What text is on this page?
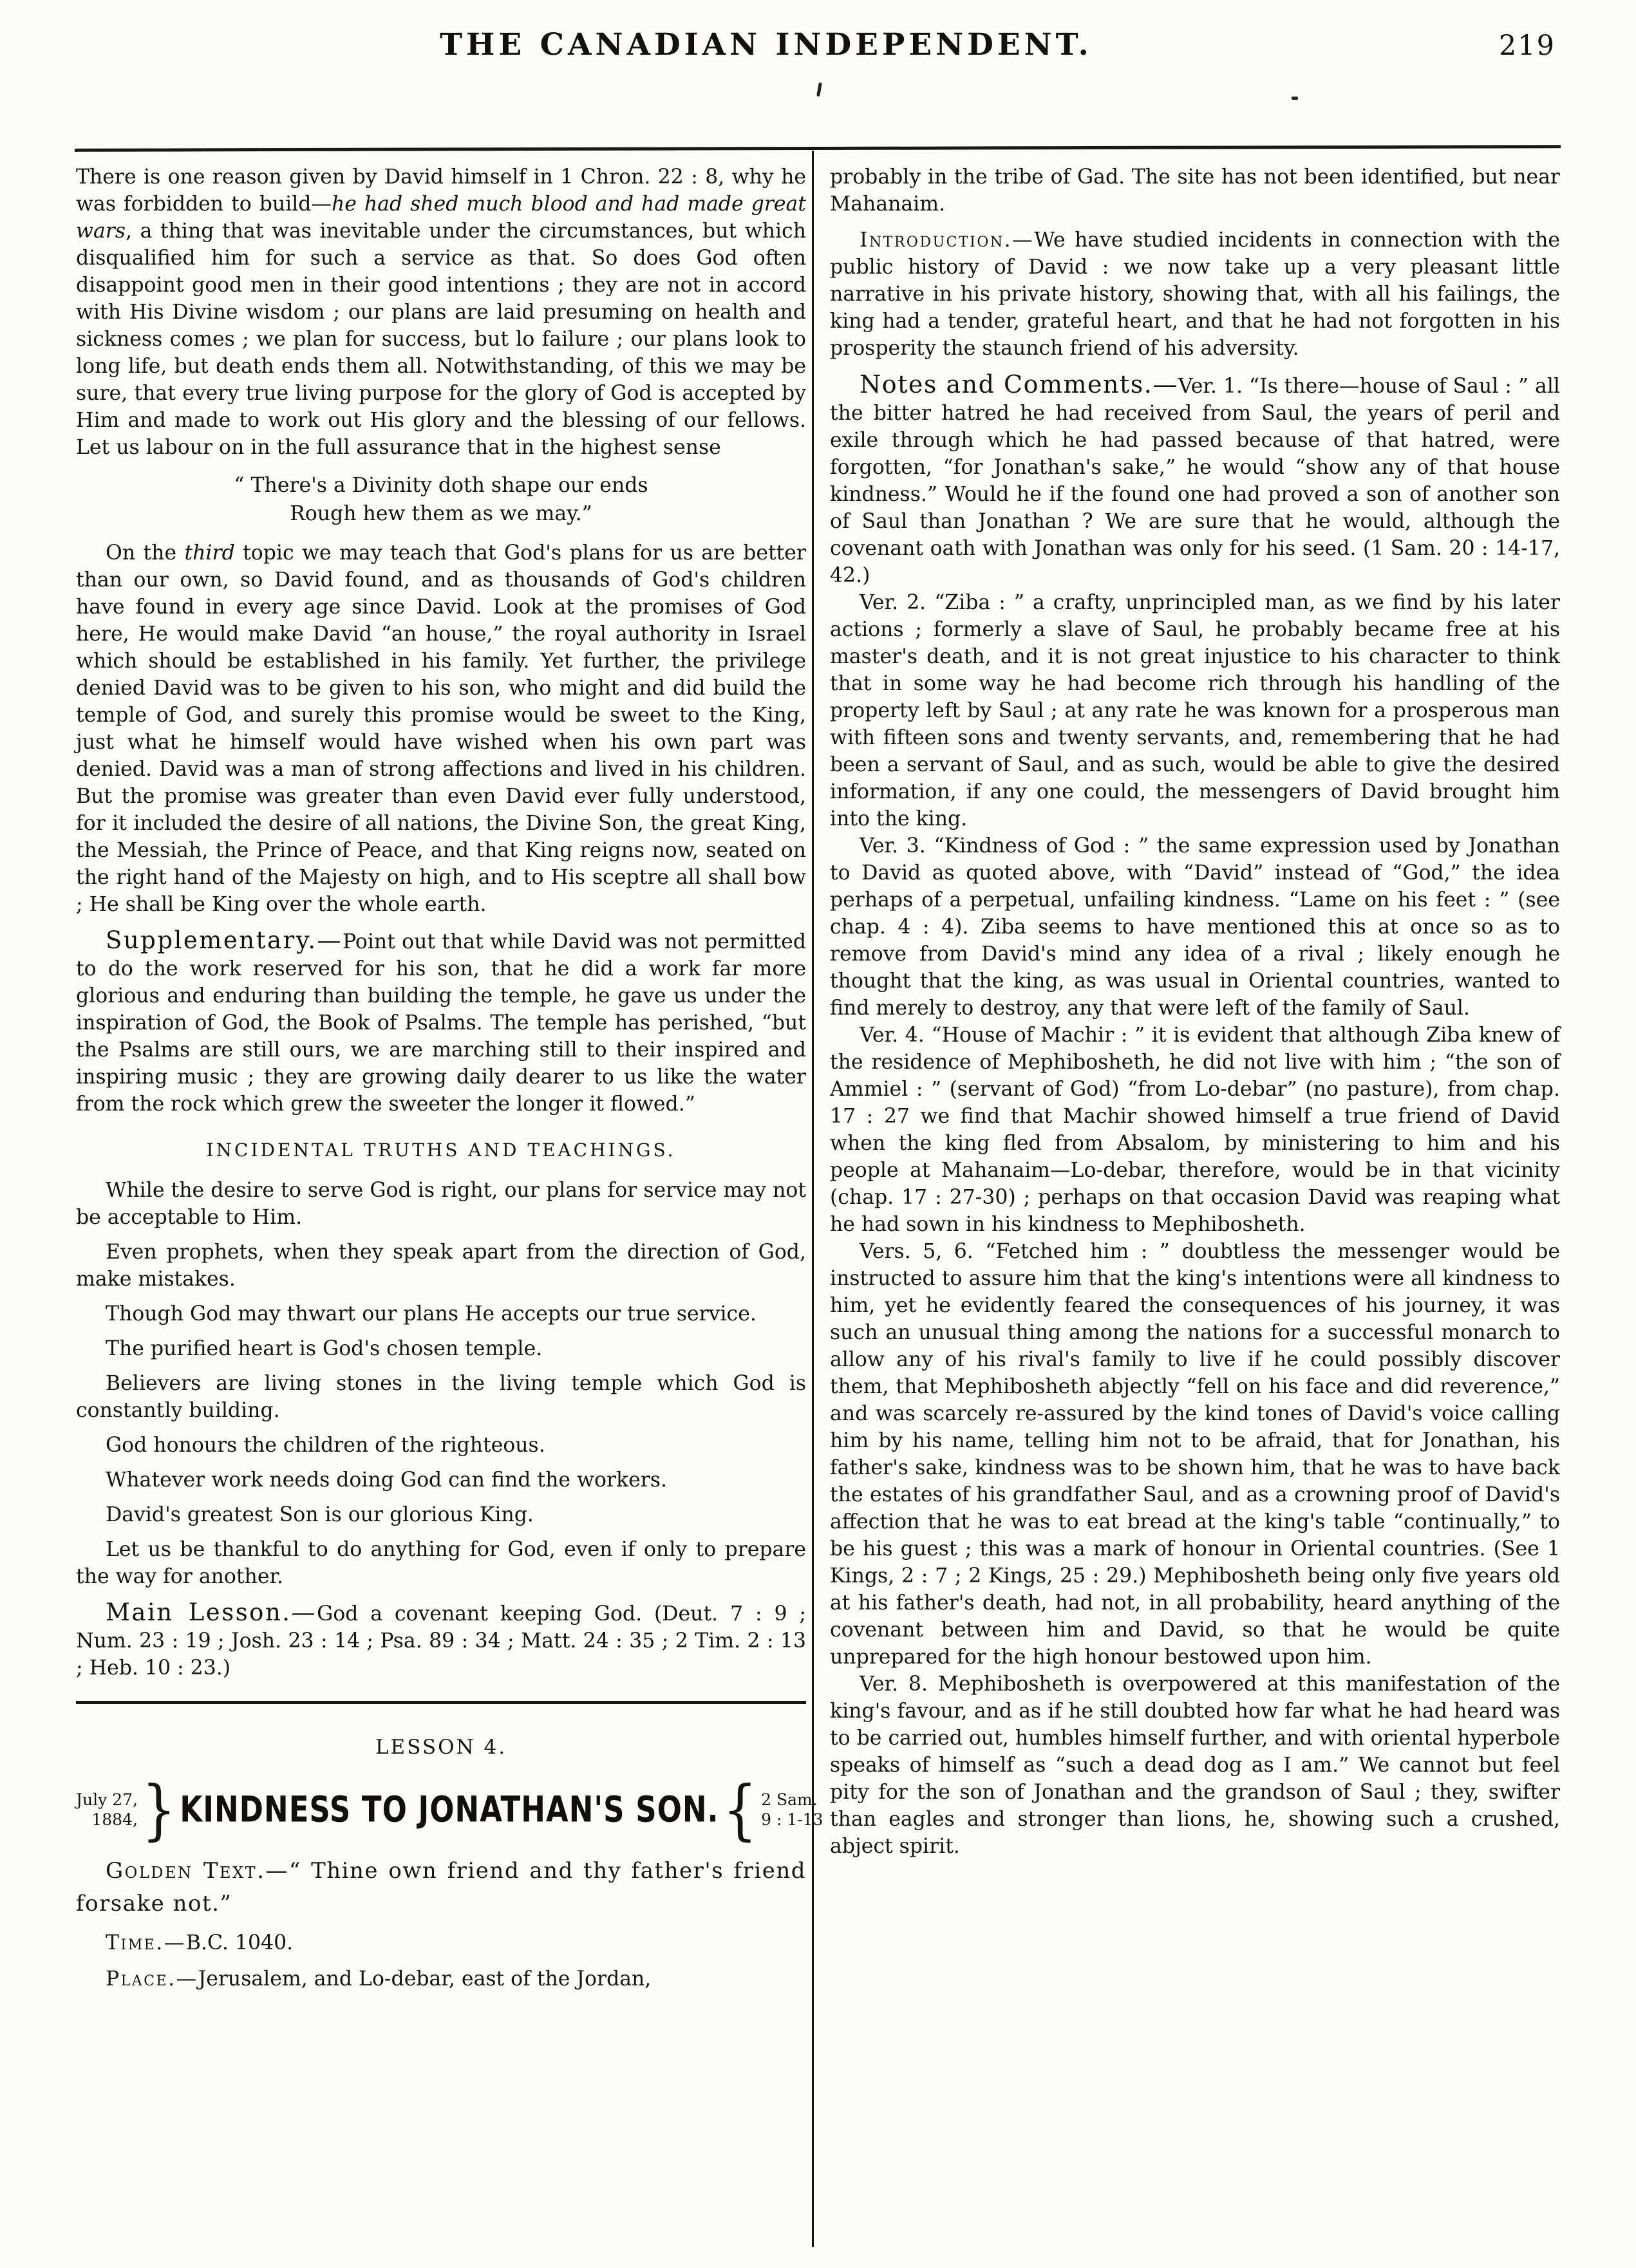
THE CANADIAN INDEPENDENT.	219

There is one reason given by David himself in 1 Chron. 22 : 8, why he was forbidden to build—he had shed much blood and had made great wars, a thing that was inevitable under the circumstances, but which disqualified him for such a service as that. So does God often disappoint good men in their good intentions ; they are not in accord with His Divine wisdom ; our plans are laid presuming on health and sickness comes ; we plan for success, but lo failure ; our plans look to long life, but death ends them all. Notwithstanding, of this we may be sure, that every true living purpose for the glory of God is accepted by Him and made to work out His glory and the blessing of our fellows. Let us labour on in the full assurance that in the highest sense

“ There's a Divinity doth shape our ends
Rough hew them as we may.”

On the third topic we may teach that God's plans for us are better than our own, so David found, and as thousands of God's children have found in every age since David. Look at the promises of God here, He would make David “an house,” the royal authority in Israel which should be established in his family. Yet further, the privilege denied David was to be given to his son, who might and did build the temple of God, and surely this promise would be sweet to the King, just what he himself would have wished when his own part was denied. David was a man of strong affections and lived in his children. But the promise was greater than even David ever fully understood, for it included the desire of all nations, the Divine Son, the great King, the Messiah, the Prince of Peace, and that King reigns now, seated on the right hand of the Majesty on high, and to His sceptre all shall bow ; He shall be King over the whole earth.

Supplementary.—Point out that while David was not permitted to do the work reserved for his son, that he did a work far more glorious and enduring than building the temple, he gave us under the inspiration of God, the Book of Psalms. The temple has perished, “but the Psalms are still ours, we are marching still to their inspired and inspiring music ; they are growing daily dearer to us like the water from the rock which grew the sweeter the longer it flowed.”

INCIDENTAL TRUTHS AND TEACHINGS.

While the desire to serve God is right, our plans for service may not be acceptable to Him.

Even prophets, when they speak apart from the direction of God, make mistakes.

Though God may thwart our plans He accepts our true service.

The purified heart is God's chosen temple.

Believers are living stones in the living temple which God is constantly building.

God honours the children of the righteous.

Whatever work needs doing God can find the workers.

David's greatest Son is our glorious King.

Let us be thankful to do anything for God, even if only to prepare the way for another.

Main Lesson.—God a covenant keeping God. (Deut. 7 : 9 ; Num. 23 : 19 ; Josh. 23 : 14 ; Psa. 89 : 34 ; Matt. 24 : 35 ; 2 Tim. 2 : 13 ; Heb. 10 : 23.)

LESSON 4.
July 27,
1884, } KINDNESS TO JONATHAN'S SON. { 2 Sam.
9 : 1-13

Golden Text.—“ Thine own friend and thy father's friend forsake not.”

Time.—B.C. 1040.

Place.—Jerusalem, and Lo-debar, east of the Jordan,

probably in the tribe of Gad. The site has not been identified, but near Mahanaim.

Introduction.—We have studied incidents in connection with the public history of David : we now take up a very pleasant little narrative in his private history, showing that, with all his failings, the king had a tender, grateful heart, and that he had not forgotten in his prosperity the staunch friend of his adversity.

Notes and Comments.—Ver. 1. “Is there—house of Saul : ” all the bitter hatred he had received from Saul, the years of peril and exile through which he had passed because of that hatred, were forgotten, “for Jonathan's sake,” he would “show any of that house kindness.” Would he if the found one had proved a son of another son of Saul than Jonathan ? We are sure that he would, although the covenant oath with Jonathan was only for his seed. (1 Sam. 20 : 14-17, 42.)

Ver. 2. “Ziba : ” a crafty, unprincipled man, as we find by his later actions ; formerly a slave of Saul, he probably became free at his master's death, and it is not great injustice to his character to think that in some way he had become rich through his handling of the property left by Saul ; at any rate he was known for a prosperous man with fifteen sons and twenty servants, and, remembering that he had been a servant of Saul, and as such, would be able to give the desired information, if any one could, the messengers of David brought him into the king.

Ver. 3. “Kindness of God : ” the same expression used by Jonathan to David as quoted above, with “David” instead of “God,” the idea perhaps of a perpetual, unfailing kindness. “Lame on his feet : ” (see chap. 4 : 4). Ziba seems to have mentioned this at once so as to remove from David's mind any idea of a rival ; likely enough he thought that the king, as was usual in Oriental countries, wanted to find merely to destroy, any that were left of the family of Saul.

Ver. 4. “House of Machir : ” it is evident that although Ziba knew of the residence of Mephibosheth, he did not live with him ; “the son of Ammiel : ” (servant of God) “from Lo-debar” (no pasture), from chap. 17 : 27 we find that Machir showed himself a true friend of David when the king fled from Absalom, by ministering to him and his people at Mahanaim—Lo-debar, therefore, would be in that vicinity (chap. 17 : 27-30) ; perhaps on that occasion David was reaping what he had sown in his kindness to Mephibosheth.

Vers. 5, 6. “Fetched him : ” doubtless the messenger would be instructed to assure him that the king's intentions were all kindness to him, yet he evidently feared the consequences of his journey, it was such an unusual thing among the nations for a successful monarch to allow any of his rival's family to live if he could possibly discover them, that Mephibosheth abjectly “fell on his face and did reverence,” and was scarcely re-assured by the kind tones of David's voice calling him by his name, telling him not to be afraid, that for Jonathan, his father's sake, kindness was to be shown him, that he was to have back the estates of his grandfather Saul, and as a crowning proof of David's affection that he was to eat bread at the king's table “continually,” to be his guest ; this was a mark of honour in Oriental countries. (See 1 Kings, 2 : 7 ; 2 Kings, 25 : 29.) Mephibosheth being only five years old at his father's death, had not, in all probability, heard anything of the covenant between him and David, so that he would be quite unprepared for the high honour bestowed upon him.

Ver. 8. Mephibosheth is overpowered at this manifestation of the king's favour, and as if he still doubted how far what he had heard was to be carried out, humbles himself further, and with oriental hyperbole speaks of himself as “such a dead dog as I am.” We cannot but feel pity for the son of Jonathan and the grandson of Saul ; they, swifter than eagles and stronger than lions, he, showing such a crushed, abject spirit.
